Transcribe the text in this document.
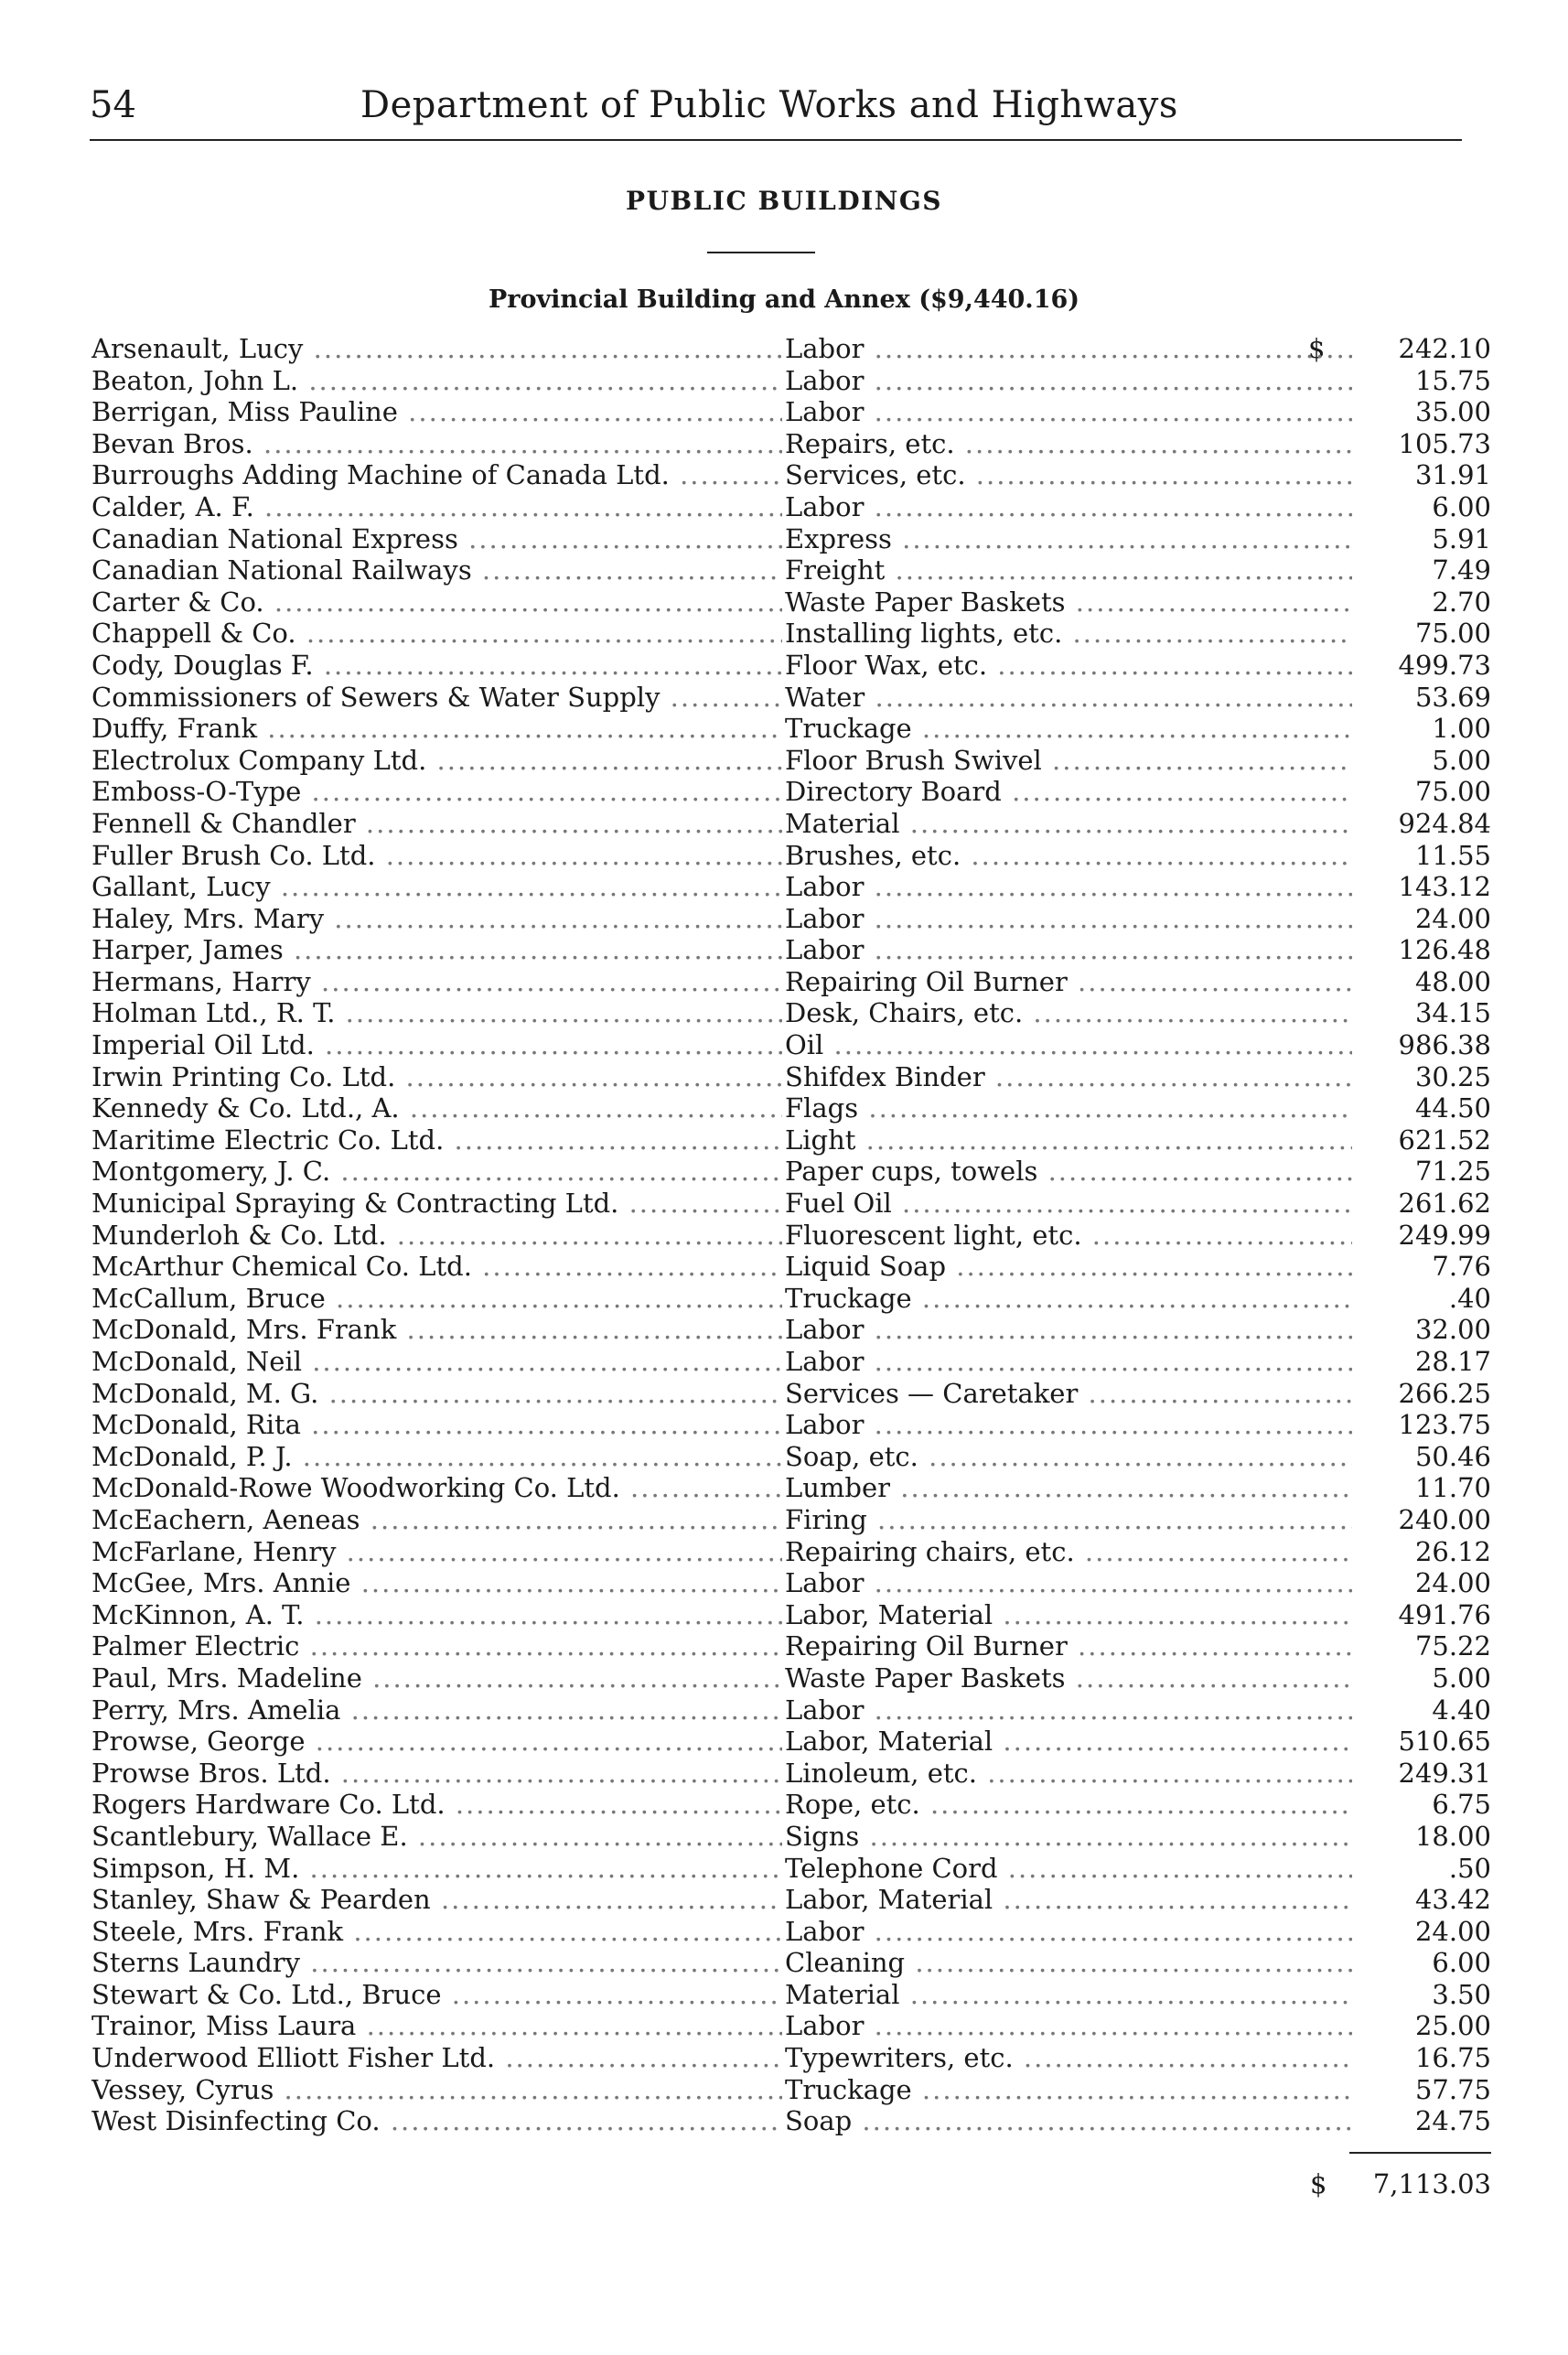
54	Department of Public Works and Highways
PUBLIC BUILDINGS
Provincial Building and Annex ($9,440.16)
$
Arsenault, Lucy .....	Labor .....	242.10
Beaton, John L. .....	Labor .....	15.75
Berrigan, Miss Pauline .....	Labor .....	35.00
Bevan Bros. .....	Repairs, etc. .....	105.73
Burroughs Adding Machine of Canada Ltd. .....	Services, etc. .....	31.91
Calder, A. F. .....	Labor .....	6.00
Canadian National Express .....	Express .....	5.91
Canadian National Railways .....	Freight .....	7.49
Carter & Co. .....	Waste Paper Baskets .....	2.70
Chappell & Co. .....	Installing lights, etc. .....	75.00
Cody, Douglas F. .....	Floor Wax, etc. .....	499.73
Commissioners of Sewers & Water Supply .....	Water .....	53.69
Duffy, Frank .....	Truckage .....	1.00
Electrolux Company Ltd. .....	Floor Brush Swivel .....	5.00
Emboss-O-Type .....	Directory Board .....	75.00
Fennell & Chandler .....	Material .....	924.84
Fuller Brush Co. Ltd. .....	Brushes, etc. .....	11.55
Gallant, Lucy .....	Labor .....	143.12
Haley, Mrs. Mary .....	Labor .....	24.00
Harper, James .....	Labor .....	126.48
Hermans, Harry .....	Repairing Oil Burner .....	48.00
Holman Ltd., R. T. .....	Desk, Chairs, etc. .....	34.15
Imperial Oil Ltd. .....	Oil .....	986.38
Irwin Printing Co. Ltd. .....	Shifdex Binder .....	30.25
Kennedy & Co. Ltd., A. .....	Flags .....	44.50
Maritime Electric Co. Ltd. .....	Light .....	621.52
Montgomery, J. C. .....	Paper cups, towels .....	71.25
Municipal Spraying & Contracting Ltd. .....	Fuel Oil .....	261.62
Munderloh & Co. Ltd. .....	Fluorescent light, etc. .....	249.99
McArthur Chemical Co. Ltd. .....	Liquid Soap .....	7.76
McCallum, Bruce .....	Truckage .....	.40
McDonald, Mrs. Frank .....	Labor .....	32.00
McDonald, Neil .....	Labor .....	28.17
McDonald, M. G. .....	Services — Caretaker .....	266.25
McDonald, Rita .....	Labor .....	123.75
McDonald, P. J. .....	Soap, etc. .....	50.46
McDonald-Rowe Woodworking Co. Ltd. .....	Lumber .....	11.70
McEachern, Aeneas .....	Firing .....	240.00
McFarlane, Henry .....	Repairing chairs, etc. .....	26.12
McGee, Mrs. Annie .....	Labor .....	24.00
McKinnon, A. T. .....	Labor, Material .....	491.76
Palmer Electric .....	Repairing Oil Burner .....	75.22
Paul, Mrs. Madeline .....	Waste Paper Baskets .....	5.00
Perry, Mrs. Amelia .....	Labor .....	4.40
Prowse, George .....	Labor, Material .....	510.65
Prowse Bros. Ltd. .....	Linoleum, etc. .....	249.31
Rogers Hardware Co. Ltd. .....	Rope, etc. .....	6.75
Scantlebury, Wallace E. .....	Signs .....	18.00
Simpson, H. M. .....	Telephone Cord .....	.50
Stanley, Shaw & Pearden .....	Labor, Material .....	43.42
Steele, Mrs. Frank .....	Labor .....	24.00
Sterns Laundry .....	Cleaning .....	6.00
Stewart & Co. Ltd., Bruce .....	Material .....	3.50
Trainor, Miss Laura .....	Labor .....	25.00
Underwood Elliott Fisher Ltd. .....	Typewriters, etc. .....	16.75
Vessey, Cyrus .....	Truckage .....	57.75
West Disinfecting Co. .....	Soap .....	24.75
$	7,113.03
